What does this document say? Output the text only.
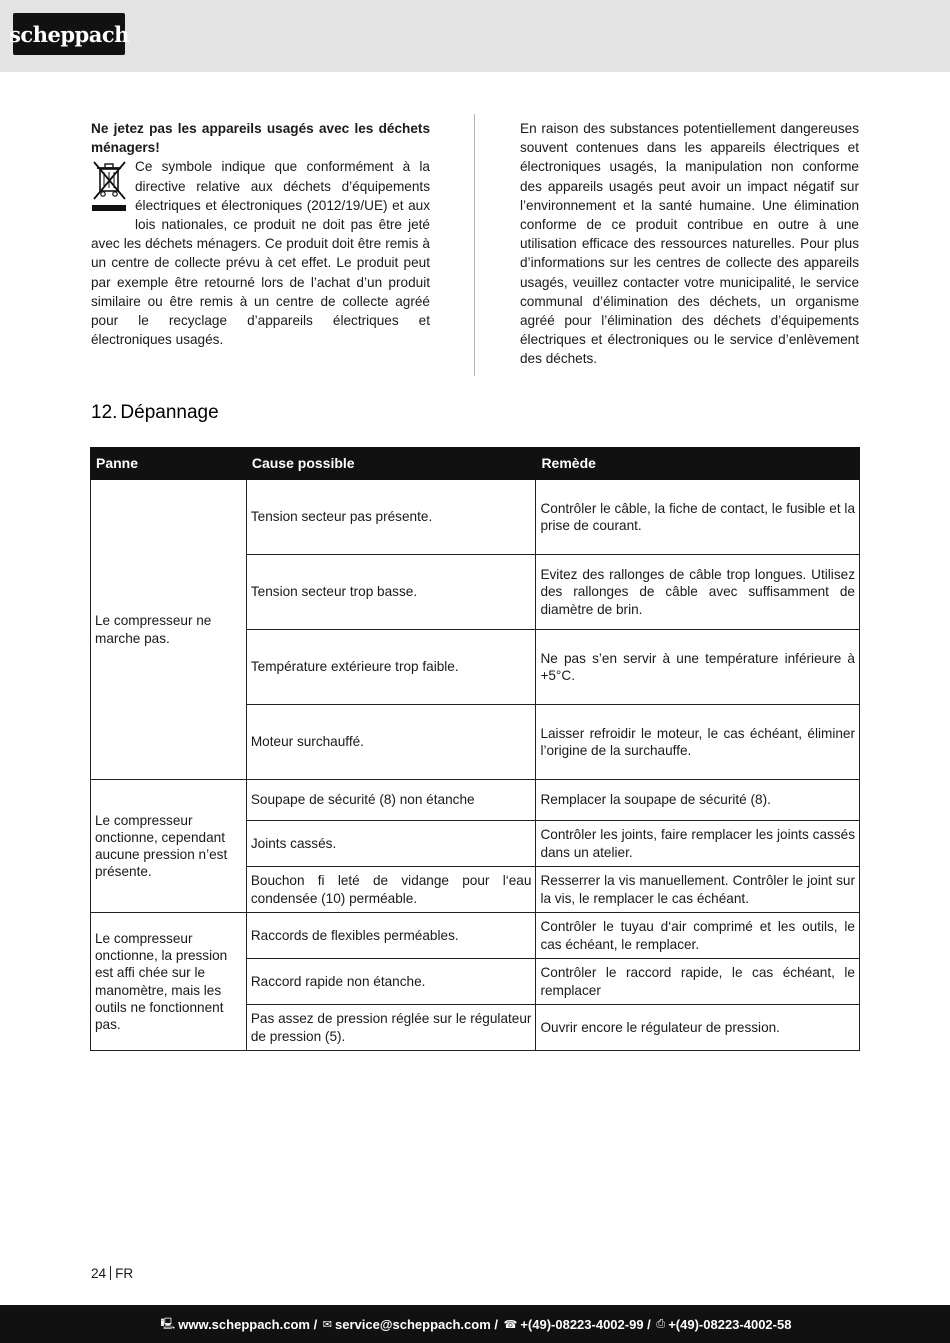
scheppach

Ne jetez pas les appareils usagés avec les déchets ménagers!

Ce symbole indique que conformément à la directive relative aux déchets d’équipements électriques et électroniques (2012/19/UE) et aux lois nationales, ce produit ne doit pas être jeté avec les déchets ménagers. Ce produit doit être remis à un centre de collecte prévu à cet effet. Le produit peut par exemple être retourné lors de l’achat d’un produit similaire ou être remis à un centre de collecte agréé pour le recyclage d’appareils électriques et électroniques usagés.

En raison des substances potentiellement dangereuses souvent contenues dans les appareils électriques et électroniques usagés, la manipulation non conforme des appareils usagés peut avoir un impact négatif sur l’environnement et la santé humaine. Une élimination conforme de ce produit contribue en outre à une utilisation efficace des ressources naturelles. Pour plus d’informations sur les centres de collecte des appareils usagés, veuillez contacter votre municipalité, le service communal d’élimination des déchets, un organisme agréé pour l’élimination des déchets d’équipements électriques et électroniques ou le service d’enlèvement des déchets.

12. Dépannage
Panne	Cause possible	Remède
Le compresseur ne marche pas.	Tension secteur pas présente.	Contrôler le câble, la fiche de contact, le fusible et la prise de courant.
	Tension secteur trop basse.	Evitez des rallonges de câble trop longues. Utilisez des rallonges de câble avec suffisamment de diamètre de brin.
	Température extérieure trop faible.	Ne pas s’en servir à une température inférieure à +5°C.
	Moteur surchauffé.	Laisser refroidir le moteur, le cas échéant, éliminer l’origine de la surchauffe.
Le compresseur onctionne, cependant aucune pression n’est présente.	Soupape de sécurité (8) non étanche	Remplacer la soupape de sécurité (8).
	Joints cassés.	Contrôler les joints, faire remplacer les joints cassés dans un atelier.
	Bouchon fi leté de vidange pour l‘eau condensée (10) perméable.	Resserrer la vis manuellement. Contrôler le joint sur la vis, le remplacer le cas échéant.
Le compresseur onctionne, la pression est affi chée sur le manomètre, mais les outils ne fonctionnent pas.	Raccords de flexibles perméables.	Contrôler le tuyau d‘air comprimé et les outils, le cas échéant, le remplacer.
	Raccord rapide non étanche.	Contrôler le raccord rapide, le cas échéant, le remplacer
	Pas assez de pression réglée sur le régulateur de pression (5).	Ouvrir encore le régulateur de pression.
24 FR
🖳 www.scheppach.com / ✉ service@scheppach.com / ☎ +(49)-08223-4002-99 / ⎙ +(49)-08223-4002-58
